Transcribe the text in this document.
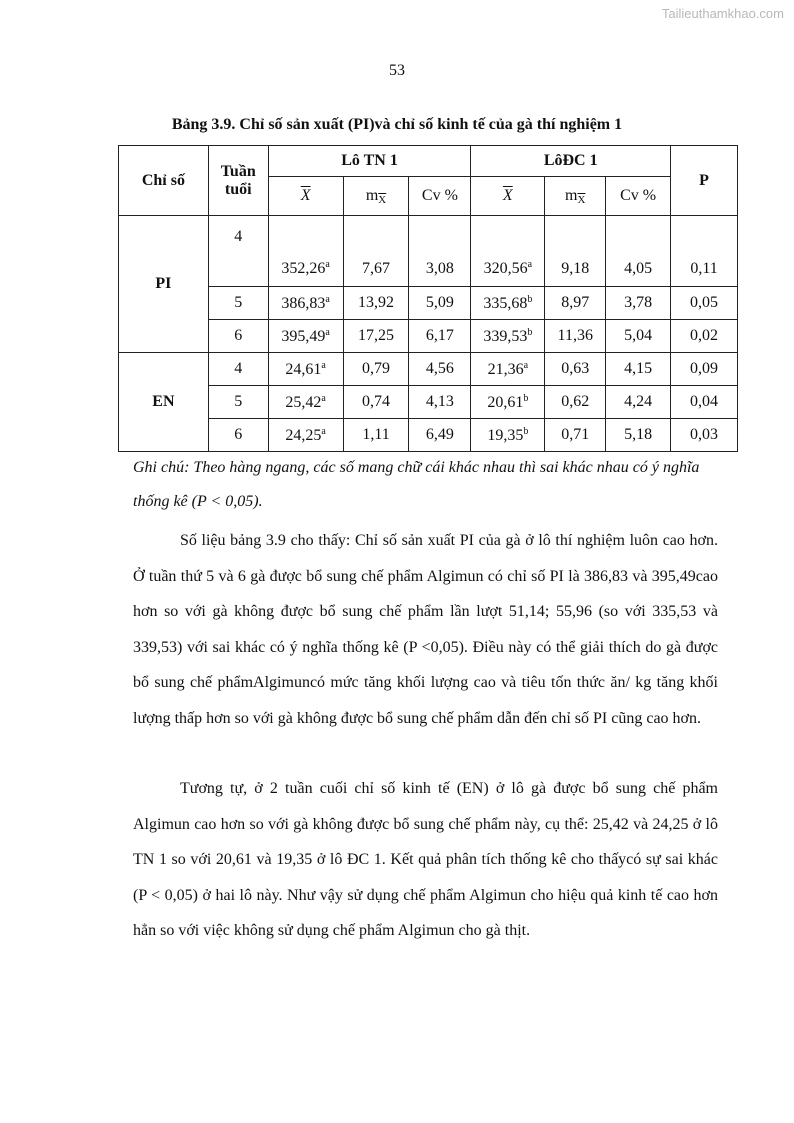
Tailieuthamkhao.com
53
Bảng 3.9. Chỉ số sản xuất (PI)và chỉ số kinh tế của gà thí nghiệm 1
Chỉ số	Tuần tuổi	Lô TN 1			LôĐC 1			P
		$\overline{X}$	$m\overline{X}$	Cv %	$\overline{X}$	$m\overline{X}$	Cv %	
PI	4	352,26$^a$	7,67	3,08	320,56$^a$	9,18	4,05	0,11
	5	386,83$^a$	13,92	5,09	335,68$^b$	8,97	3,78	0,05
	6	395,49$^a$	17,25	6,17	339,53$^b$	11,36	5,04	0,02
EN	4	24,61$^a$	0,79	4,56	21,36$^a$	0,63	4,15	0,09
	5	25,42$^a$	0,74	4,13	20,61$^b$	0,62	4,24	0,04
	6	24,25$^a$	1,11	6,49	19,35$^b$	0,71	5,18	0,03
Ghi chú: Theo hàng ngang, các số mang chữ cái khác nhau thì sai khác nhau có ý nghĩa thống kê (P < 0,05).

Số liệu bảng 3.9 cho thấy: Chỉ số sản xuất PI của gà ở lô thí nghiệm luôn cao hơn. Ở tuần thứ 5 và 6 gà được bổ sung chế phẩm Algimun có chỉ số PI là 386,83 và 395,49cao hơn so với gà không được bổ sung chế phẩm lần lượt 51,14; 55,96 (so với 335,53 và 339,53) với sai khác có ý nghĩa thống kê (P <0,05). Điều này có thể giải thích do gà được bổ sung chế phẩmAlgimuncó mức tăng khối lượng cao và tiêu tốn thức ăn/ kg tăng khối lượng thấp hơn so với gà không được bổ sung chế phẩm dẫn đến chỉ số PI cũng cao hơn.

Tương tự, ở 2 tuần cuối chỉ số kinh tế (EN) ở lô gà được bổ sung chế phẩm Algimun cao hơn so với gà không được bổ sung chế phẩm này, cụ thể: 25,42 và 24,25 ở lô TN 1 so với 20,61 và 19,35 ở lô ĐC 1. Kết quả phân tích thống kê cho thấycó sự sai khác (P < 0,05) ở hai lô này. Như vậy sử dụng chế phẩm Algimun cho hiệu quả kinh tế cao hơn hẳn so với việc không sử dụng chế phẩm Algimun cho gà thịt.
